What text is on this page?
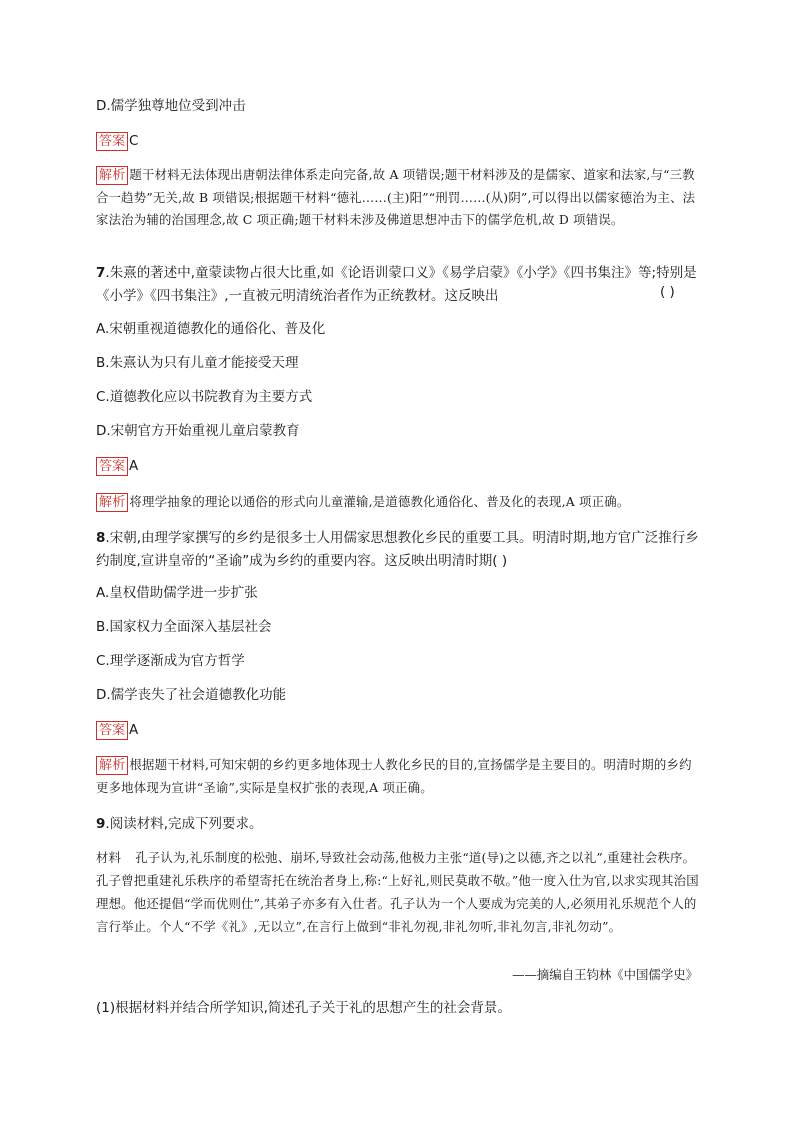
D.儒学独尊地位受到冲击
答案 C
解析 题干材料无法体现出唐朝法律体系走向完备,故 A 项错误;题干材料涉及的是儒家、道家和法家,与“三教合一趋势”无关,故 B 项错误;根据题干材料“德礼……(主)阳”“刑罚……(从)阴”,可以得出以儒家德治为主、法家法治为辅的治国理念,故 C 项正确;题干材料未涉及佛道思想冲击下的儒学危机,故 D 项错误。
7.朱熹的著述中,童蒙读物占很大比重,如《论语训蒙口义》《易学启蒙》《小学》《四书集注》等;特别是《小学》《四书集注》,一直被元明清统治者作为正统教材。这反映出	( )
A.宋朝重视道德教化的通俗化、普及化
B.朱熹认为只有儿童才能接受天理
C.道德教化应以书院教育为主要方式
D.宋朝官方开始重视儿童启蒙教育
答案 A
解析 将理学抽象的理论以通俗的形式向儿童灌输,是道德教化通俗化、普及化的表现,A 项正确。
8.宋朝,由理学家撰写的乡约是很多士人用儒家思想教化乡民的重要工具。明清时期,地方官广泛推行乡约制度,宣讲皇帝的“圣谕”成为乡约的重要内容。这反映出明清时期( )
A.皇权借助儒学进一步扩张
B.国家权力全面深入基层社会
C.理学逐渐成为官方哲学
D.儒学丧失了社会道德教化功能
答案 A
解析 根据题干材料,可知宋朝的乡约更多地体现士人教化乡民的目的,宣扬儒学是主要目的。明清时期的乡约更多地体现为宣讲“圣谕”,实际是皇权扩张的表现,A 项正确。
9.阅读材料,完成下列要求。
材料 孔子认为,礼乐制度的松弛、崩坏,导致社会动荡,他极力主张“道(导)之以德,齐之以礼”,重建社会秩序。孔子曾把重建礼乐秩序的希望寄托在统治者身上,称:“上好礼,则民莫敢不敬。”他一度入仕为官,以求实现其治国理想。他还提倡“学而优则仕”,其弟子亦多有入仕者。孔子认为一个人要成为完美的人,必须用礼乐规范个人的言行举止。个人“不学《礼》,无以立”,在言行上做到“非礼勿视,非礼勿听,非礼勿言,非礼勿动”。
——摘编自王钧林《中国儒学史》
(1)根据材料并结合所学知识,简述孔子关于礼的思想产生的社会背景。
